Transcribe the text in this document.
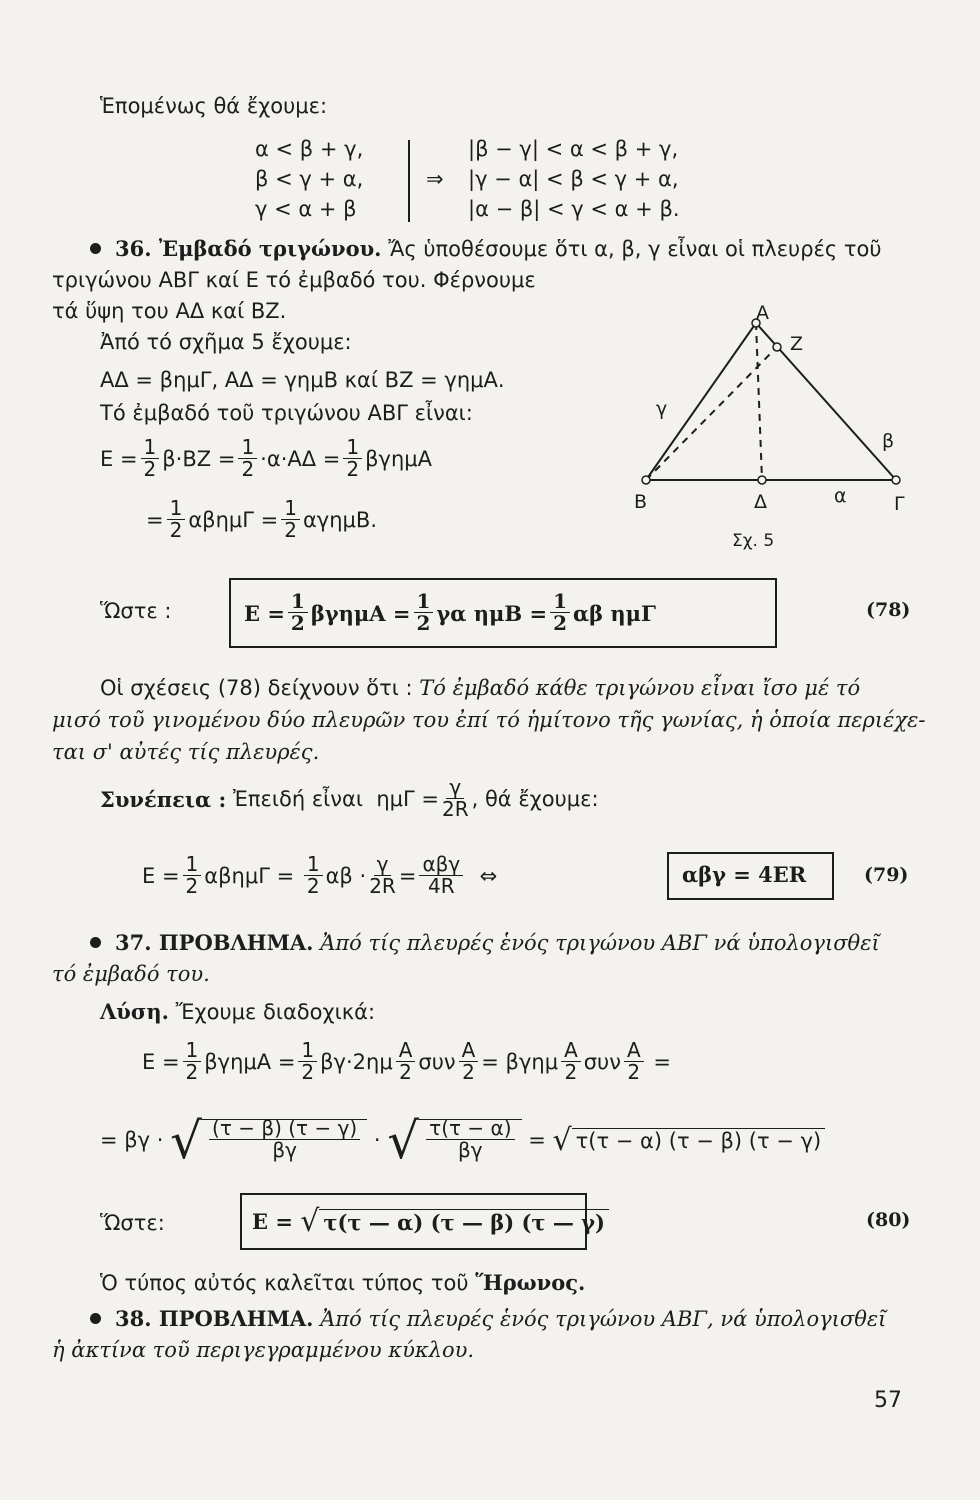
Ἑπομένως θά ἔχουμε:
α < β + γ,
β < γ + α,
γ < α + β
⇒
|β − γ| < α < β + γ,
|γ − α| < β < γ + α,
|α − β| < γ < α + β.
36. Ἐμβαδό τριγώνου. Ἄς ὑποθέσουμε ὅτι α, β, γ εἶναι οἱ πλευρές τοῦ
τριγώνου ΑΒΓ καί Ε τό ἐμβαδό του. Φέρνουμε
τά ὕψη του ΑΔ καί ΒΖ.
Ἀπό τό σχῆμα 5 ἔχουμε:
ΑΔ = βημΓ, ΑΔ = γημΒ καί ΒΖ = γημΑ.
Τό ἐμβαδό τοῦ τριγώνου ΑΒΓ εἶναι:
$E = \frac{1}{2} \beta\cdot BZ = \frac{1}{2} \cdot\alpha\cdot A\Delta = \frac{1}{2}$ βγημΑ
= $\frac{1}{2}$ $\alpha\beta\eta\mu\Gamma = \frac{1}{2} \alpha\gamma\eta\mu B$.
A
Z
B	Δ	Γ
α
β
γ
Σχ. 5
Ὥστε :	$E = \frac{1}{2}$ $\beta\gamma\eta\mu A = \frac{1}{2}$ γα $\eta\mu B = \frac{1}{2}$ αβ ημΓ	(78)
Οἱ σχέσεις (78) δείχνουν ὅτι : Τό ἐμβαδό κάθε τριγώνου εἶναι ἴσο μέ τό
μισό τοῦ γινομένου δύο πλευρῶν του ἐπί τό ἡμίτονο τῆς γωνίας, ἡ ὁποία περιέχε-
ται σ' αὐτές τίς πλευρές.
Συνέπεια :
Ἐπειδή εἶναι
$\eta\mu\Gamma = \frac{\gamma}{2R}$ , θά ἔχουμε:
$E = \frac{1}{2}$ αβημΓ =
$\frac{1}{2}$ $\alpha\beta \cdot \frac{\gamma}{2R} = \frac{\text{αβγ}}{4R}$
⇔	αβγ = 4ER	(79)
37. ΠΡΟΒΛΗΜΑ. Ἀπό τίς πλευρές ἑνός τριγώνου ΑΒΓ νά ὑπολογισθεῖ
τό ἐμβαδό του.
Λύση. Ἔχουμε διαδοχικά:
$E = \frac{1}{2}$ $\beta\gamma\eta\mu A = \frac{1}{2} \beta\gamma\cdot 2\eta\mu \frac{A}{2}$ συν $\frac{A}{2} = \beta\gamma\eta\mu \frac{A}{2}$ συν $\frac{A}{2}$
=
= βγ ·
√ $\frac{(\tau - \beta) (\tau - \gamma)}{\beta\gamma}$
·
√ $\frac{\tau(\tau - \alpha)}{\beta\gamma}$
=
√ τ(τ − α) (τ − β) (τ − γ)
Ὥστε:	Ε =
√ τ(τ — α) (τ — β) (τ — γ)	(80)
Ὁ τύπος αὐτός καλεῖται τύπος τοῦ Ἥρωνος.
38. ΠΡΟΒΛΗΜΑ. Ἀπό τίς πλευρές ἑνός τριγώνου ΑΒΓ, νά ὑπολογισθεῖ
ἡ ἀκτίνα τοῦ περιγεγραμμένου κύκλου.
57
